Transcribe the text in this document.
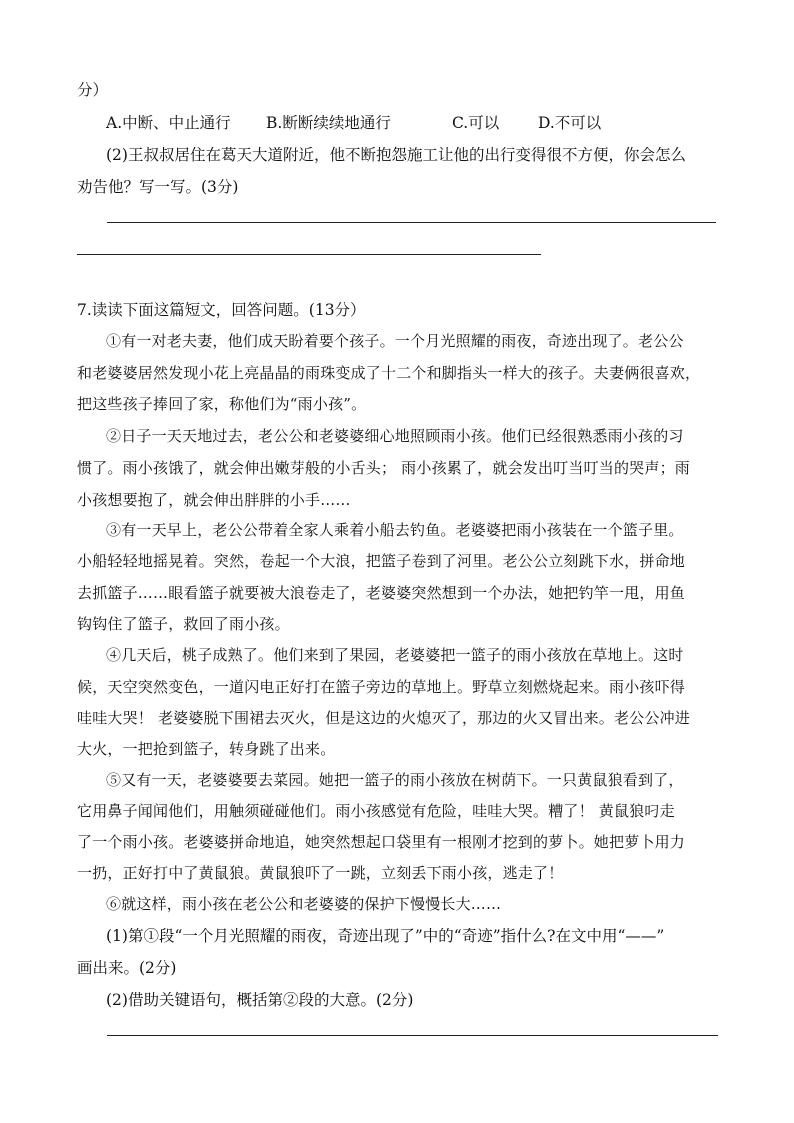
分）
A.中断、中止通行 B.断断续续地通行	C.可以	D.不可以
(2)王叔叔居住在葛天大道附近，他不断抱怨施工让他的出行变得很不方便，你会怎么
劝告他？写一写。(3分)
7.读读下面这篇短文，回答问题。(13分）
①有一对老夫妻，他们成天盼着要个孩子。一个月光照耀的雨夜，奇迹出现了。老公公
和老婆婆居然发现小花上亮晶晶的雨珠变成了十二个和脚指头一样大的孩子。夫妻俩很喜欢，
把这些孩子捧回了家，称他们为“雨小孩”。
②日子一天天地过去，老公公和老婆婆细心地照顾雨小孩。他们已经很熟悉雨小孩的习
惯了。雨小孩饿了，就会伸出嫩芽般的小舌头； 雨小孩累了，就会发出叮当叮当的哭声；雨
小孩想要抱了，就会伸出胖胖的小手……
③有一天早上，老公公带着全家人乘着小船去钓鱼。老婆婆把雨小孩装在一个篮子里。
小船轻轻地摇晃着。突然，卷起一个大浪，把篮子卷到了河里。老公公立刻跳下水，拼命地
去抓篮子……眼看篮子就要被大浪卷走了，老婆婆突然想到一个办法，她把钓竿一甩，用鱼
钩钩住了篮子，救回了雨小孩。
④几天后，桃子成熟了。他们来到了果园，老婆婆把一篮子的雨小孩放在草地上。这时
候，天空突然变色，一道闪电正好打在篮子旁边的草地上。野草立刻燃烧起来。雨小孩吓得
哇哇大哭！ 老婆婆脱下围裙去灭火，但是这边的火熄灭了，那边的火又冒出来。老公公冲进
大火，一把抢到篮子，转身跳了出来。
⑤又有一天，老婆婆要去菜园。她把一篮子的雨小孩放在树荫下。一只黄鼠狼看到了，
它用鼻子闻闻他们，用触须碰碰他们。雨小孩感觉有危险，哇哇大哭。糟了！ 黄鼠狼叼走
了一个雨小孩。老婆婆拼命地追，她突然想起口袋里有一根刚才挖到的萝卜。她把萝卜用力
一扔，正好打中了黄鼠狼。黄鼠狼吓了一跳，立刻丢下雨小孩，逃走了！
⑥就这样，雨小孩在老公公和老婆婆的保护下慢慢长大……
(1)第①段“一个月光照耀的雨夜，奇迹出现了”中的“奇迹”指什么?在文中用“——”
画出来。(2分)
(2)借助关键语句，概括第②段的大意。(2分)
